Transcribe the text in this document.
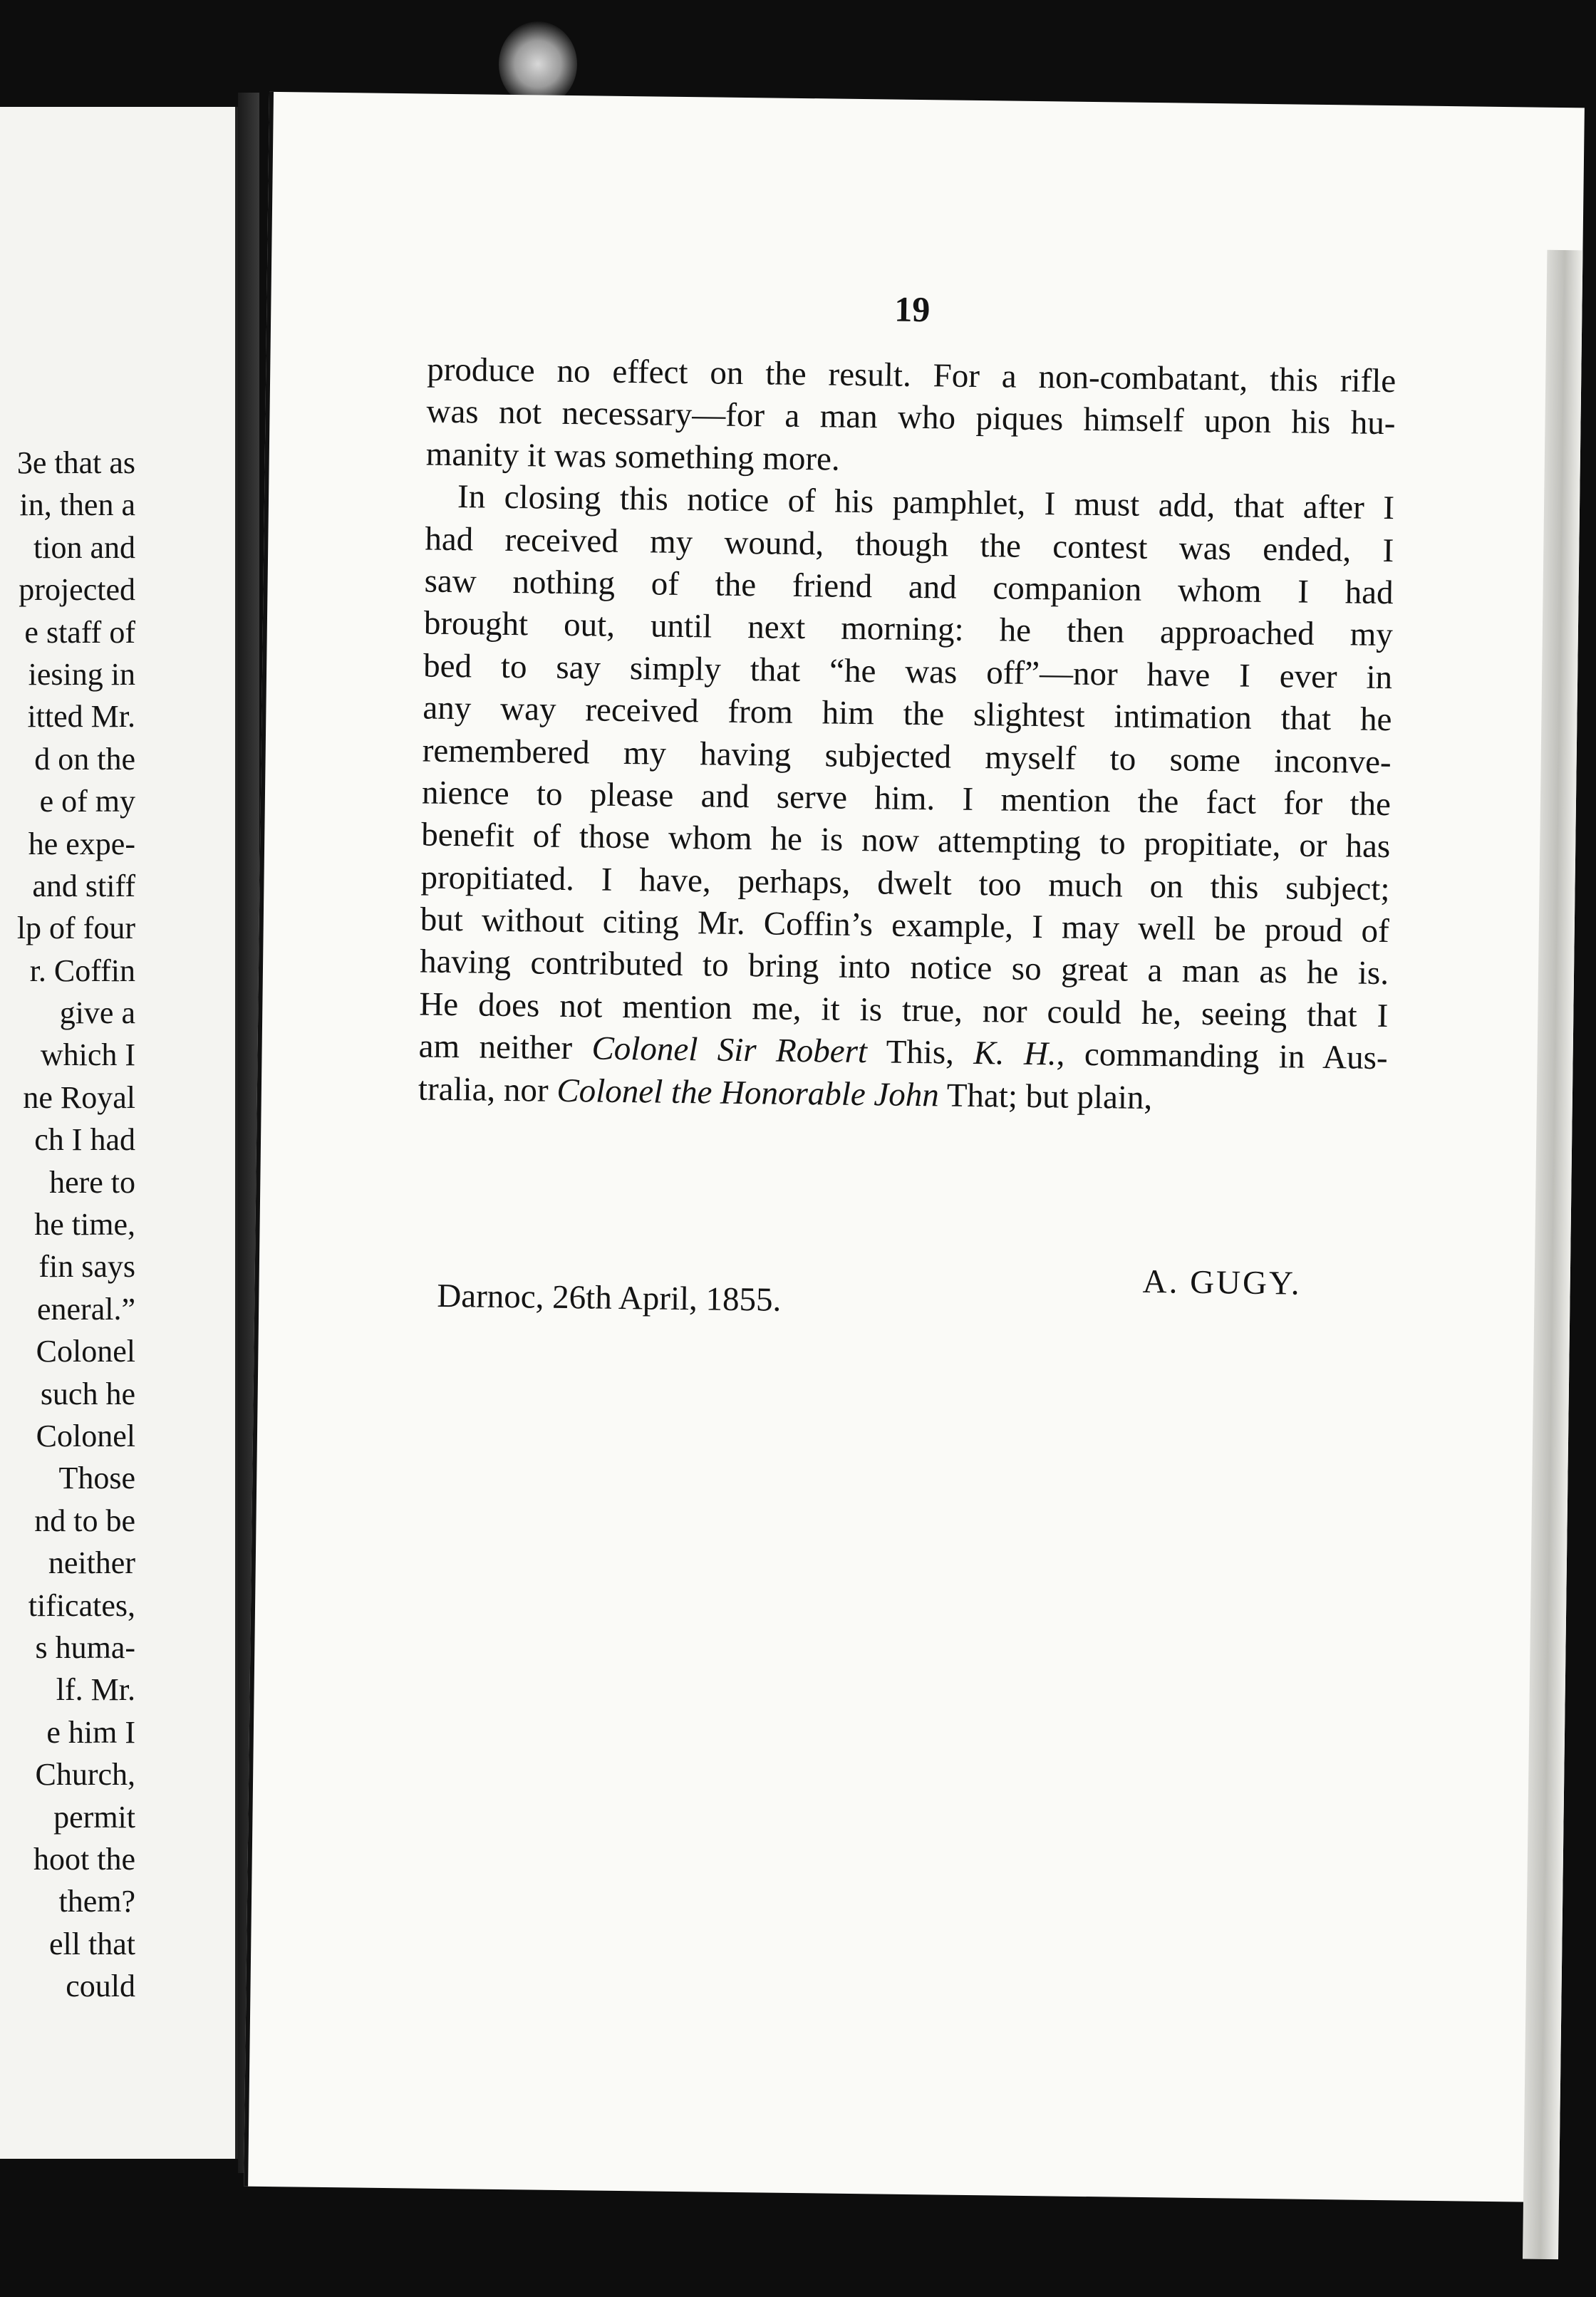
3e that as
in, then a
tion and
projected
e staff of
iesing in
itted Mr.
d on the
e of my
he expe-
and stiff
lp of four
r. Coffin
give a
which I
ne Royal
ch I had
here to
he time,
fin says
eneral.”
Colonel
such he
Colonel
Those
nd to be
neither
tificates,
s huma-
lf. Mr.
e him I
Church,
permit
hoot the
them?
ell that
could
19
produce no effect on the result. For a non-combatant, this rifle
was not necessary—for a man who piques himself upon his hu-
manity it was something more.
In closing this notice of his pamphlet, I must add, that after I
had received my wound, though the contest was ended, I
saw nothing of the friend and companion whom I had
brought out, until next morning: he then approached my
bed to say simply that “he was off”—nor have I ever in
any way received from him the slightest intimation that he
remembered my having subjected myself to some inconve-
nience to please and serve him. I mention the fact for the
benefit of those whom he is now attempting to propitiate, or has
propitiated. I have, perhaps, dwelt too much on this subject;
but without citing Mr. Coffin’s example, I may well be proud of
having contributed to bring into notice so great a man as he is.
He does not mention me, it is true, nor could he, seeing that I
am neither Colonel Sir Robert This, K. H., commanding in Aus-
tralia, nor Colonel the Honorable John That; but plain,
A. GUGY.
Darnoc, 26th April, 1855.
